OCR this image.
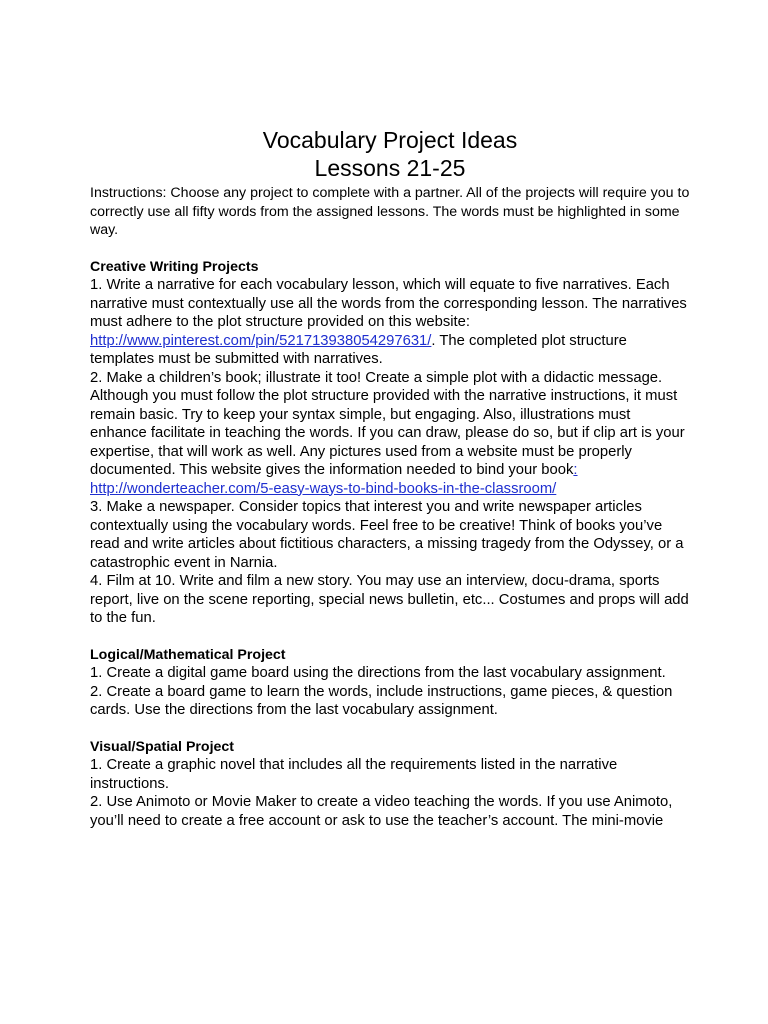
Vocabulary Project Ideas
Lessons 21-25

Instructions: Choose any project to complete with a partner. All of the projects will require you to correctly use all fifty words from the assigned lessons. The words must be highlighted in some way.

Creative Writing Projects

1. Write a narrative for each vocabulary lesson, which will equate to five narratives. Each narrative must contextually use all the words from the corresponding lesson. The narratives must adhere to the plot structure provided on this website: http://www.pinterest.com/pin/521713938054297631/. The completed plot structure templates must be submitted with narratives.

2. Make a children’s book; illustrate it too! Create a simple plot with a didactic message. Although you must follow the plot structure provided with the narrative instructions, it must remain basic. Try to keep your syntax simple, but engaging. Also, illustrations must enhance facilitate in teaching the words. If you can draw, please do so, but if clip art is your expertise, that will work as well. Any pictures used from a website must be properly documented. This website gives the information needed to bind your book: http://wonderteacher.com/5-easy-ways-to-bind-books-in-the-classroom/

3. Make a newspaper. Consider topics that interest you and write newspaper articles contextually using the vocabulary words. Feel free to be creative! Think of books you’ve read and write articles about fictitious characters, a missing tragedy from the Odyssey, or a catastrophic event in Narnia.

4. Film at 10. Write and film a new story. You may use an interview, docu-drama, sports report, live on the scene reporting, special news bulletin, etc... Costumes and props will add to the fun.

Logical/Mathematical Project

1. Create a digital game board using the directions from the last vocabulary assignment.

2. Create a board game to learn the words, include instructions, game pieces, & question cards. Use the directions from the last vocabulary assignment.

Visual/Spatial Project

1. Create a graphic novel that includes all the requirements listed in the narrative instructions.

2. Use Animoto or Movie Maker to create a video teaching the words. If you use Animoto, you’ll need to create a free account or ask to use the teacher’s account. The mini-movie
